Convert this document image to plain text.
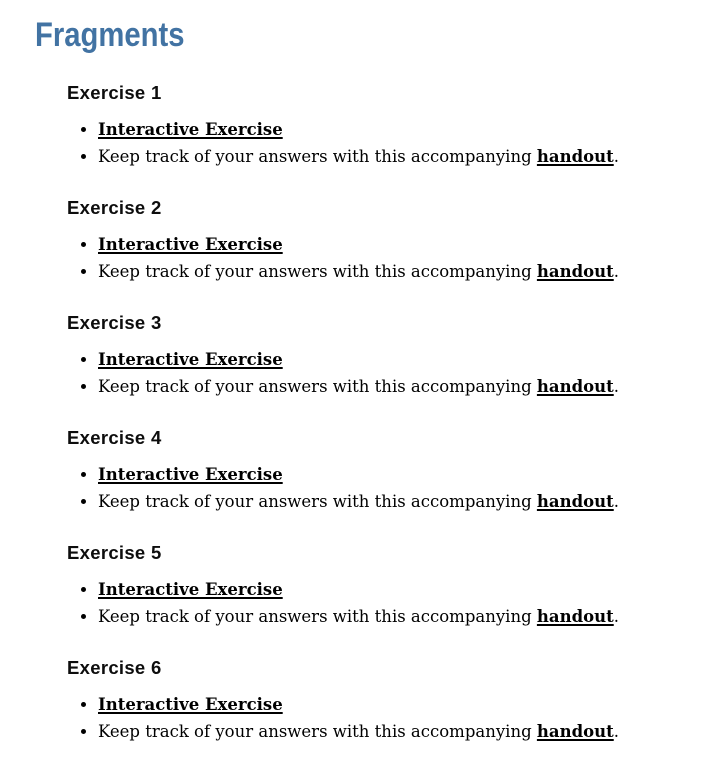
Fragments
Exercise 1
• Interactive Exercise
• Keep track of your answers with this accompanying handout.
Exercise 2
• Interactive Exercise
• Keep track of your answers with this accompanying handout.
Exercise 3
• Interactive Exercise
• Keep track of your answers with this accompanying handout.
Exercise 4
• Interactive Exercise
• Keep track of your answers with this accompanying handout.
Exercise 5
• Interactive Exercise
• Keep track of your answers with this accompanying handout.
Exercise 6
• Interactive Exercise
• Keep track of your answers with this accompanying handout.
